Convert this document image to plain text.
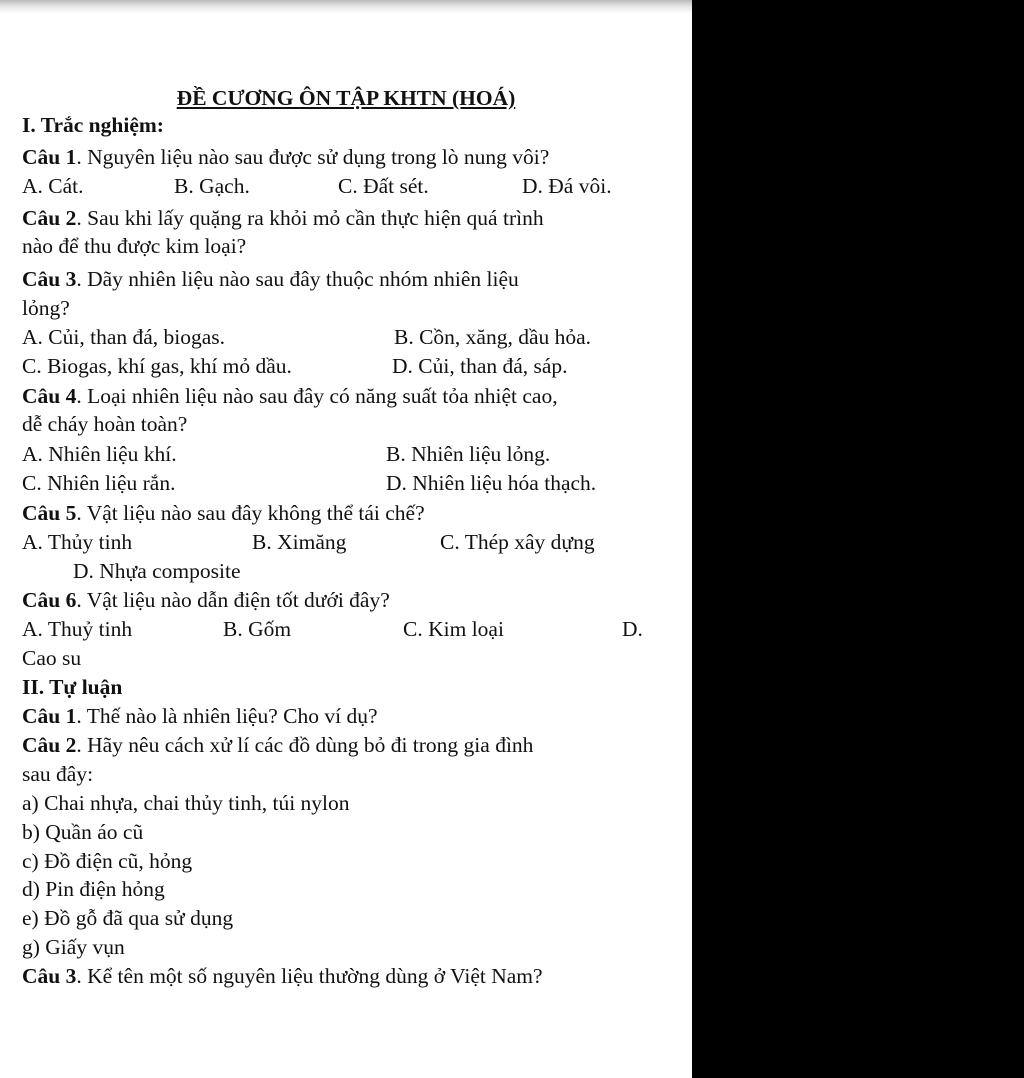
ĐỀ CƯƠNG ÔN TẬP KHTN (HOÁ)
I. Trắc nghiệm:
Câu 1. Nguyên liệu nào sau được sử dụng trong lò nung vôi?
A. Cát.	B. Gạch.	C. Đất sét.	D. Đá vôi.
Câu 2. Sau khi lấy quặng ra khỏi mỏ cần thực hiện quá trình
nào để thu được kim loại?
Câu 3. Dãy nhiên liệu nào sau đây thuộc nhóm nhiên liệu
lỏng?
A. Củi, than đá, biogas.	B. Cồn, xăng, dầu hỏa.
C. Biogas, khí gas, khí mỏ dầu.	D. Củi, than đá, sáp.
Câu 4. Loại nhiên liệu nào sau đây có năng suất tỏa nhiệt cao,
dễ cháy hoàn toàn?
A. Nhiên liệu khí.	B. Nhiên liệu lỏng.
C. Nhiên liệu rắn.	D. Nhiên liệu hóa thạch.
Câu 5. Vật liệu nào sau đây không thể tái chế?
A. Thủy tinh	B. Ximăng	C. Thép xây dựng
D. Nhựa composite
Câu 6. Vật liệu nào dẫn điện tốt dưới đây?
A. Thuỷ tinh	B. Gốm	C. Kim loại	D.
Cao su
II. Tự luận
Câu 1. Thế nào là nhiên liệu? Cho ví dụ?
Câu 2. Hãy nêu cách xử lí các đồ dùng bỏ đi trong gia đình
sau đây:
a) Chai nhựa, chai thủy tinh, túi nylon
b) Quần áo cũ
c) Đồ điện cũ, hỏng
d) Pin điện hỏng
e) Đồ gỗ đã qua sử dụng
g) Giấy vụn
Câu 3. Kể tên một số nguyên liệu thường dùng ở Việt Nam?
